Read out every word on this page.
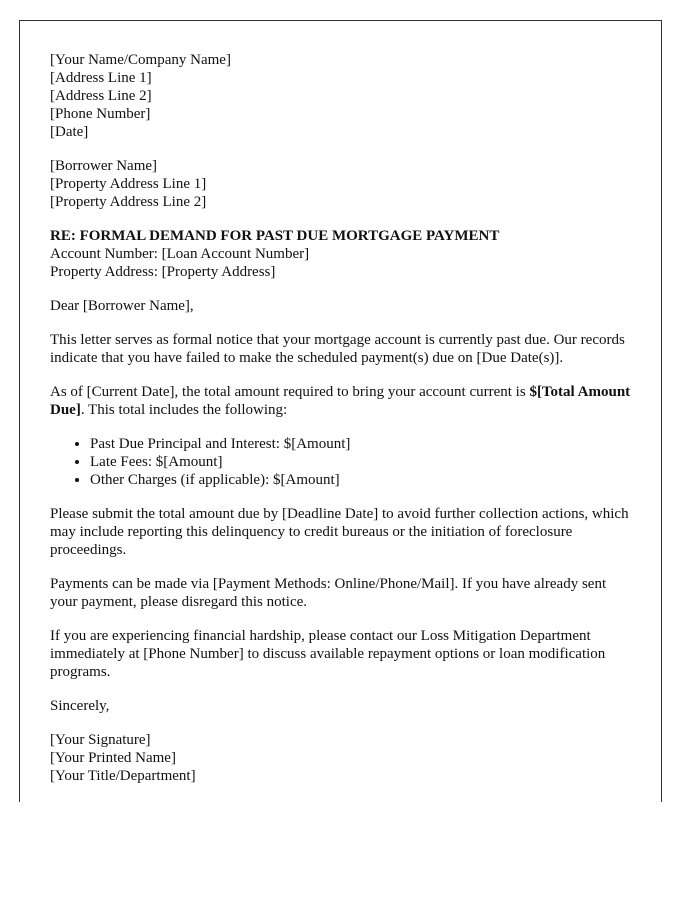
[Your Name/Company Name]
[Address Line 1]
[Address Line 2]
[Phone Number]
[Date]

[Borrower Name]
[Property Address Line 1]
[Property Address Line 2]

RE: FORMAL DEMAND FOR PAST DUE MORTGAGE PAYMENT
Account Number: [Loan Account Number]
Property Address: [Property Address]

Dear [Borrower Name],

This letter serves as formal notice that your mortgage account is currently past due. Our records indicate that you have failed to make the scheduled payment(s) due on [Due Date(s)].

As of [Current Date], the total amount required to bring your account current is $[Total Amount Due]. This total includes the following:

• Past Due Principal and Interest: $[Amount]
• Late Fees: $[Amount]
• Other Charges (if applicable): $[Amount]

Please submit the total amount due by [Deadline Date] to avoid further collection actions, which may include reporting this delinquency to credit bureaus or the initiation of foreclosure proceedings.

Payments can be made via [Payment Methods: Online/Phone/Mail]. If you have already sent your payment, please disregard this notice.

If you are experiencing financial hardship, please contact our Loss Mitigation Department immediately at [Phone Number] to discuss available repayment options or loan modification programs.

Sincerely,

[Your Signature]
[Your Printed Name]
[Your Title/Department]
